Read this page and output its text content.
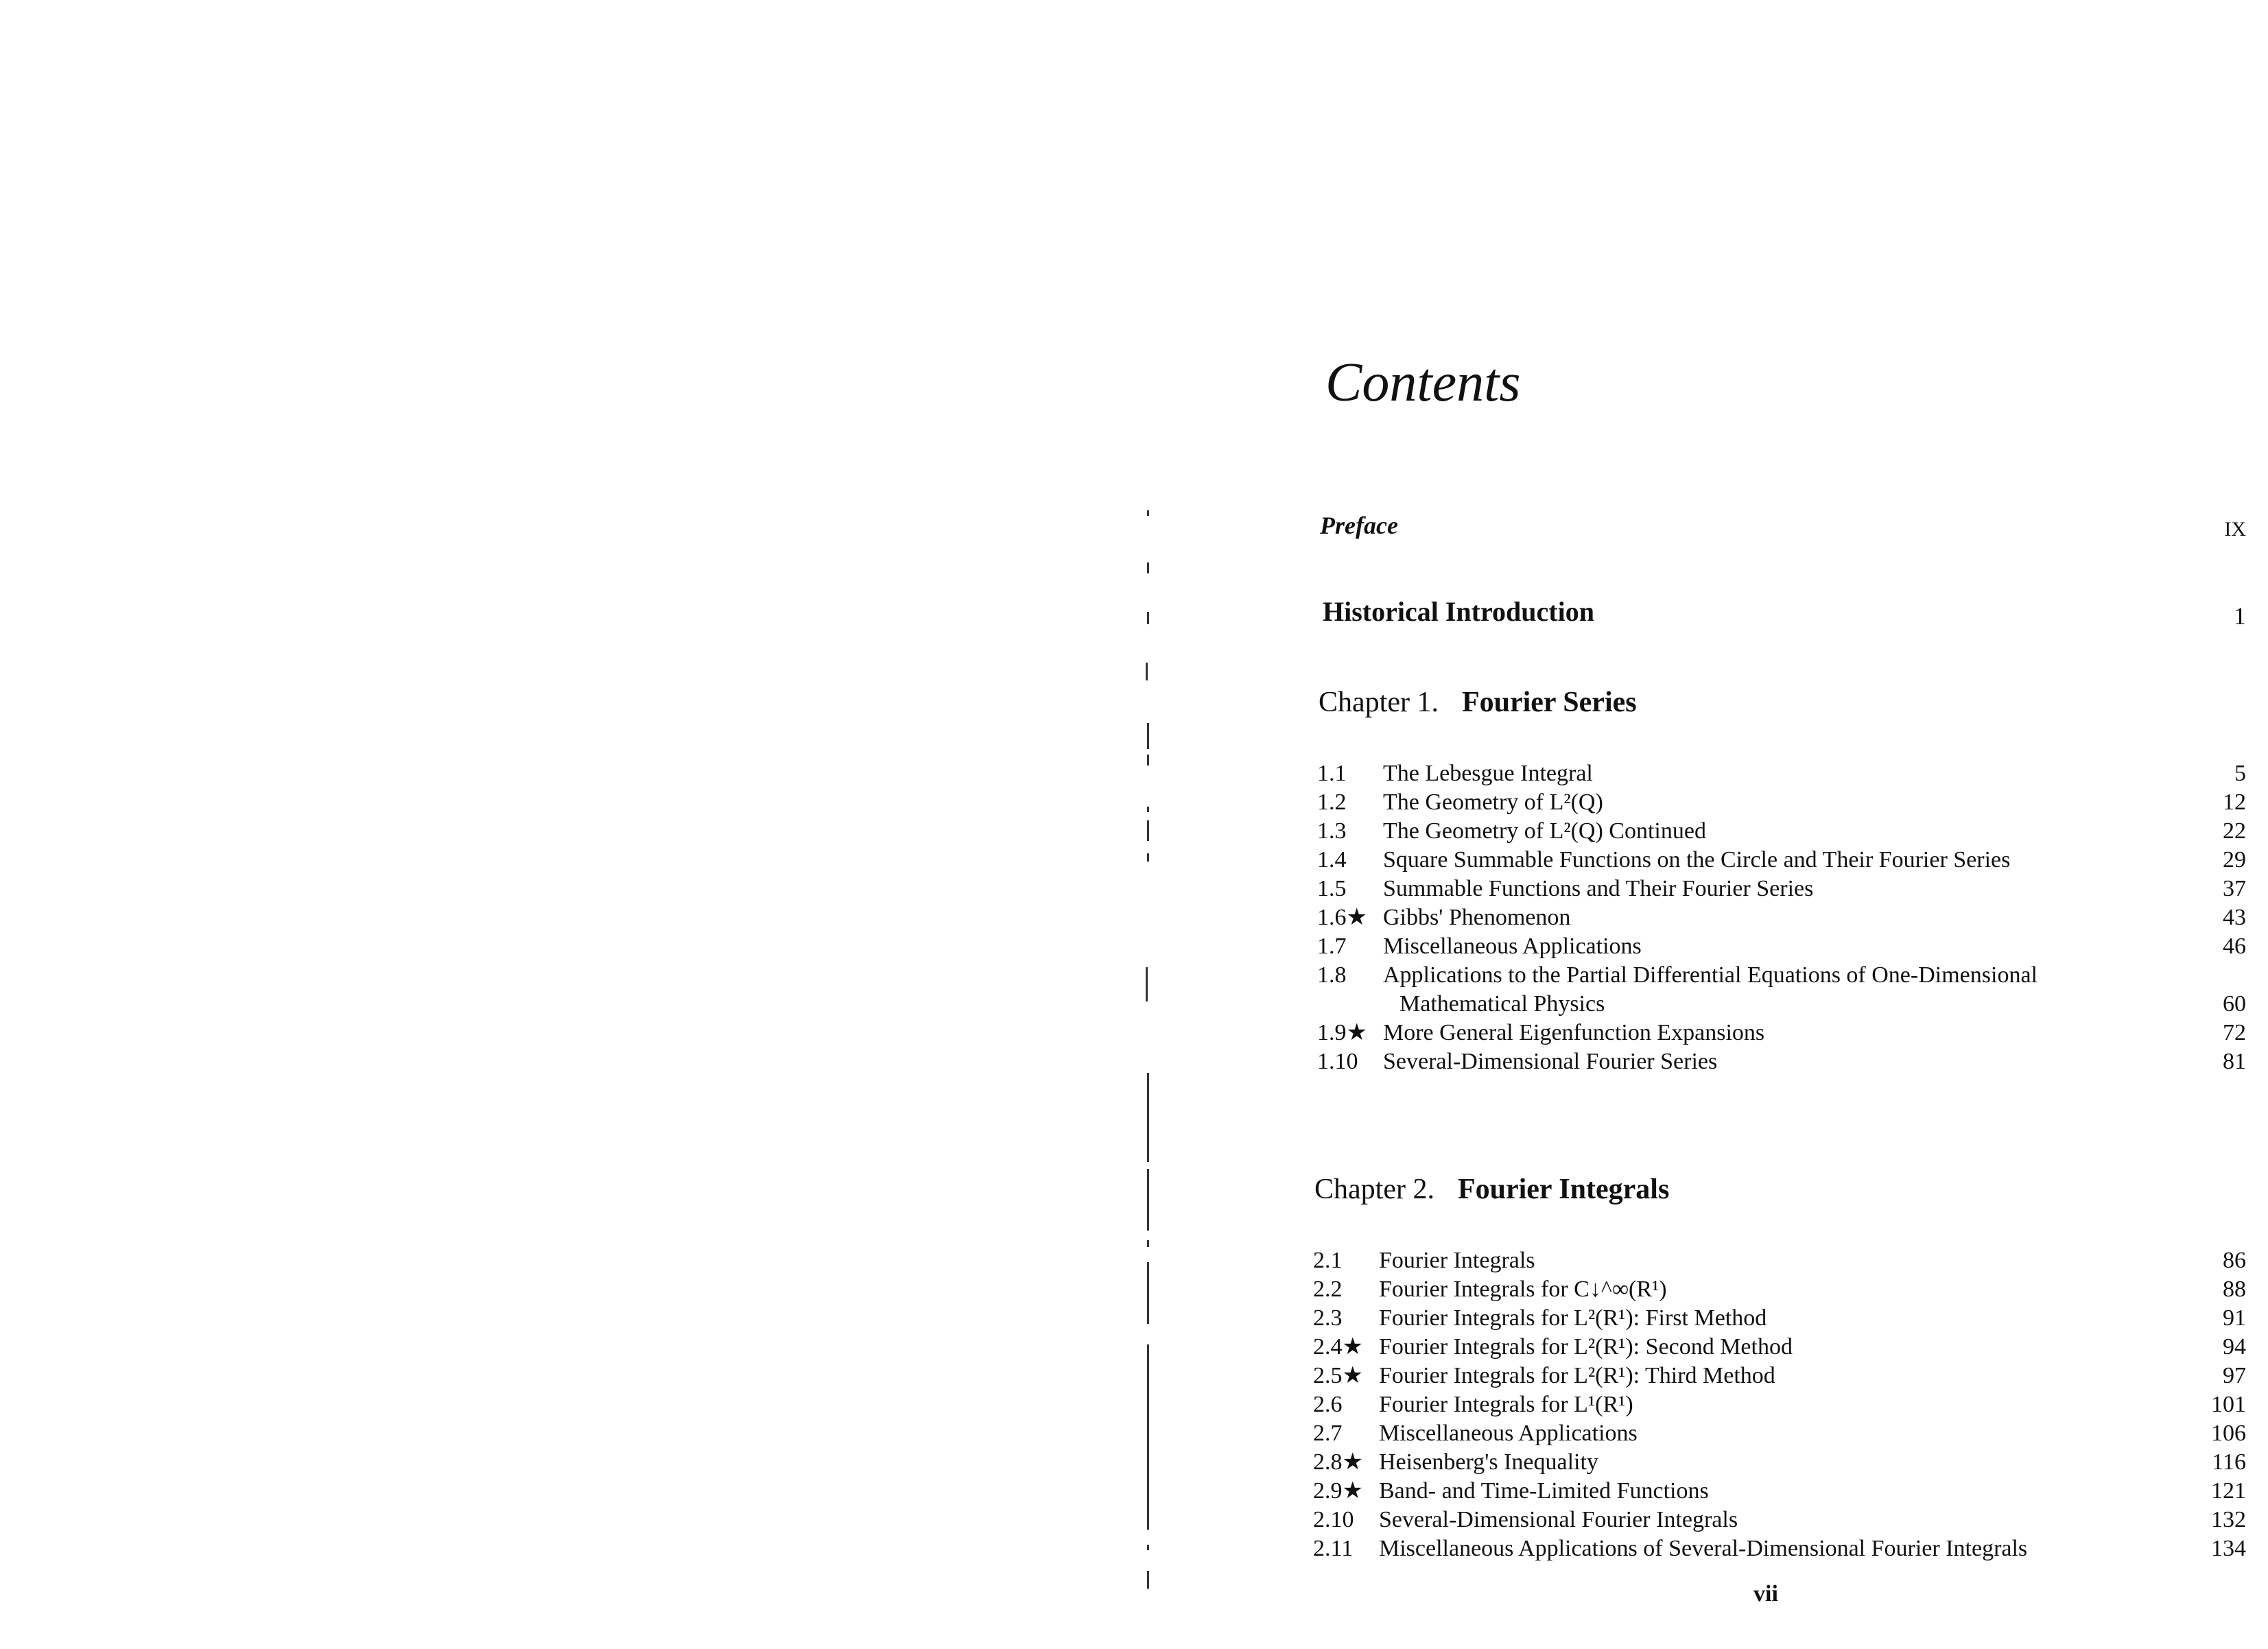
Contents
Preface	IX
Historical Introduction	1
Chapter 1. Fourier Series
1.1 The Lebesgue Integral	5
1.2 The Geometry of L²(Q)	12
1.3 The Geometry of L²(Q) Continued	22
1.4 Square Summable Functions on the Circle and Their Fourier Series	29
1.5 Summable Functions and Their Fourier Series	37
1.6★ Gibbs' Phenomenon	43
1.7 Miscellaneous Applications	46
1.8 Applications to the Partial Differential Equations of One-Dimensional
Mathematical Physics	60
1.9★ More General Eigenfunction Expansions	72
1.10 Several-Dimensional Fourier Series	81
Chapter 2. Fourier Integrals
2.1 Fourier Integrals	86
2.2 Fourier Integrals for C↓^∞(R¹)	88
2.3 Fourier Integrals for L²(R¹): First Method	91
2.4★ Fourier Integrals for L²(R¹): Second Method	94
2.5★ Fourier Integrals for L²(R¹): Third Method	97
2.6 Fourier Integrals for L¹(R¹)	101
2.7 Miscellaneous Applications	106
2.8★ Heisenberg's Inequality	116
2.9★ Band- and Time-Limited Functions	121
2.10 Several-Dimensional Fourier Integrals	132
2.11 Miscellaneous Applications of Several-Dimensional Fourier Integrals	134
vii
